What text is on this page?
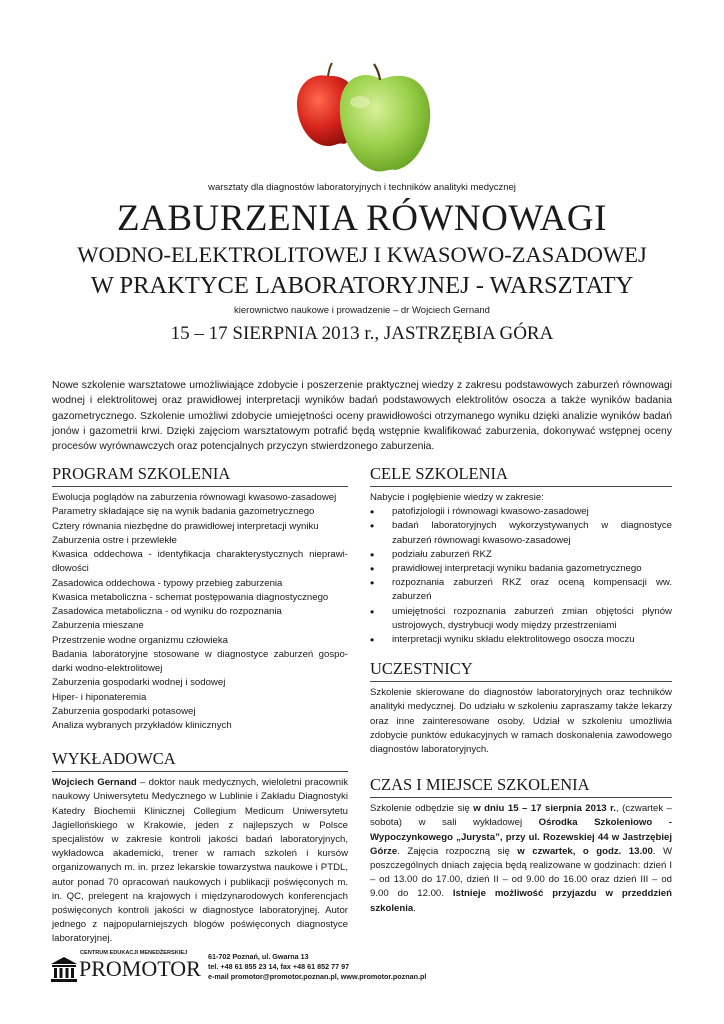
warsztaty dla diagnostów laboratoryjnych i techników analityki medycznej
ZABURZENIA RÓWNOWAGI
WODNO-ELEKTROLITOWEJ I KWASOWO-ZASADOWEJ
W PRAKTYCE LABORATORYJNEJ - WARSZTATY
kierownictwo naukowe i prowadzenie – dr Wojciech Gernand
15 – 17 SIERPNIA 2013 r., JASTRZĘBIA GÓRA
Nowe szkolenie warsztatowe umożliwiające zdobycie i poszerzenie praktycznej wiedzy z zakresu podstawowych zaburzeń równowagi wodnej i elektrolitowej oraz prawidłowej interpretacji wyników badań podstawowych elektrolitów osocza a także wyników badania gazometrycznego. Szkolenie umożliwi zdobycie umiejętności oceny prawidłowości otrzymanego wyniku dzięki analizie wyników badań jonów i gazometrii krwi. Dzięki zajęciom warsztatowym potrafić będą wstępnie kwalifikować zaburzenia, dokonywać wstępnej oceny procesów wyrównawczych oraz potencjalnych przyczyn stwierdzonego zaburzenia.
PROGRAM SZKOLENIA
Ewolucja poglądów na zaburzenia równowagi kwasowo-zasadowej
Parametry składające się na wynik badania gazometrycznego
Cztery równania niezbędne do prawidłowej interpretacji wyniku
Zaburzenia ostre i przewlekłe
Kwasica oddechowa - identyfikacja charakterystycznych nieprawi-dłowości
Zasadowica oddechowa - typowy przebieg zaburzenia
Kwasica metaboliczna - schemat postępowania diagnostycznego
Zasadowica metaboliczna - od wyniku do rozpoznania
Zaburzenia mieszane
Przestrzenie wodne organizmu człowieka
Badania laboratoryjne stosowane w diagnostyce zaburzeń gospo-darki wodno-elektrolitowej
Zaburzenia gospodarki wodnej i sodowej
Hiper- i hiponateremia
Zaburzenia gospodarki potasowej
Analiza wybranych przykładów klinicznych
WYKŁADOWCA
Wojciech Gernand – doktor nauk medycznych, wieloletni pracownik naukowy Uniwersytetu Medycznego w Lublinie i Zakładu Diagnostyki Katedry Biochemii Klinicznej Collegium Medicum Uniwersytetu Jagiellońskiego w Krakowie, jeden z najlepszych w Polsce specjalistów w zakresie kontroli jakości badań laboratoryjnych, wykładowca akademicki, trener w ramach szkoleń i kursów organizowanych m. in. przez lekarskie towarzystwa naukowe i PTDL, autor ponad 70 opracowań naukowych i publikacji poświęconych m. in. QC, prelegent na krajowych i międzynarodowych konferencjach poświęconych kontroli jakości w diagnostyce laboratoryjnej. Autor jednego z najpopularniejszych blogów poświęconych diagnostyce laboratoryjnej.
CELE SZKOLENIA
Nabycie i pogłębienie wiedzy w zakresie:
• patofizjologii i równowagi kwasowo-zasadowej
• badań laboratoryjnych wykorzystywanych w diagnostyce zaburzeń równowagi kwasowo-zasadowej
• podziału zaburzeń RKZ
• prawidłowej interpretacji wyniku badania gazometrycznego
• rozpoznania zaburzeń RKZ oraz oceną kompensacji ww. zaburzeń
• umiejętności rozpoznania zaburzeń zmian objętości płynów ustrojowych, dystrybucji wody między przestrzeniami
• interpretacji wyniku składu elektrolitowego osocza moczu
UCZESTNICY
Szkolenie skierowane do diagnostów laboratoryjnych oraz techników analityki medycznej. Do udziału w szkoleniu zapraszamy także lekarzy oraz inne zainteresowane osoby. Udział w szkoleniu umożliwia zdobycie punktów edukacyjnych w ramach doskonalenia zawodowego diagnostów laboratoryjnych.
CZAS I MIEJSCE SZKOLENIA
Szkolenie odbędzie się w dniu 15 – 17 sierpnia 2013 r., (czwartek – sobota) w sali wykładowej Ośrodka Szkoleniowo - Wypoczynkowego „Jurysta”, przy ul. Rozewskiej 44 w Jastrzębiej Górze. Zajęcia rozpoczną się w czwartek, o godz. 13.00. W poszczególnych dniach zajęcia będą realizowane w godzinach: dzień I – od 13.00 do 17.00, dzień II – od 9.00 do 16.00 oraz dzień III – od 9.00 do 12.00. Istnieje możliwość przyjazdu w przeddzień szkolenia.
CENTRUM EDUKACJI MENEDŻERSKIEJ
PROMOTOR 61-702 Poznań, ul. Gwarna 13
tel. +48 61 855 23 14, fax +48 61 852 77 97
e-mail promotor@promotor.poznan.pl, www.promotor.poznan.pl
